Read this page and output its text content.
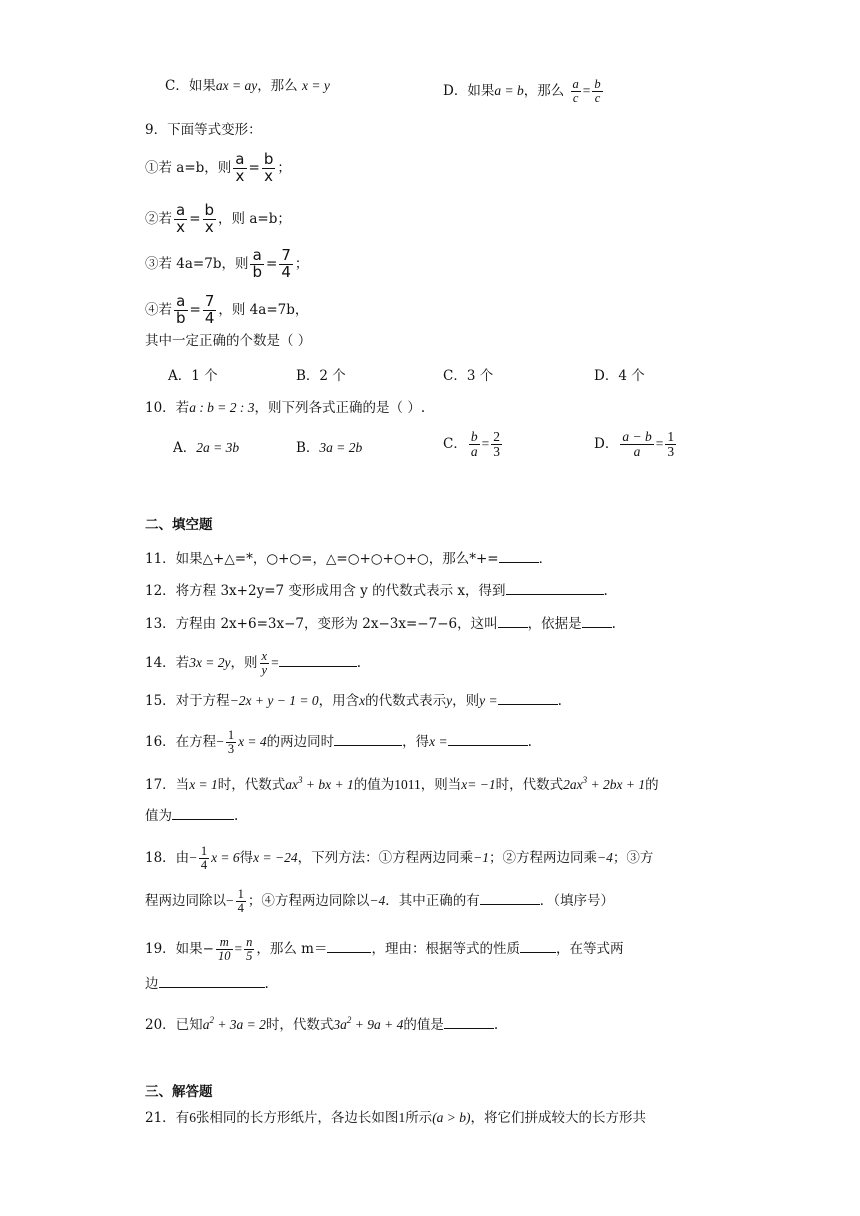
C．如果ax = ay，那么 x = y	D．如果a = b，那么 $\frac{a}{c} = \frac{b}{c}$
9．下面等式变形：
①若 a=b，则 $\frac{a}{x} = \frac{b}{x}$ ；
②若 $\frac{a}{x} = \frac{b}{x}$ ，则 a=b；
③若 4a=7b，则 $\frac{a}{b} = \frac{7}{4}$ ；
④若 $\frac{a}{b} = \frac{7}{4}$ ，则 4a=7b，
其中一定正确的个数是（ ）
A．1 个	B．2 个	C．3 个	D．4 个
10．若a : b = 2 : 3，则下列各式正确的是（ ）.
A．2a = 3b	B．3a = 2b	C． $\frac{b}{a} = \frac{2}{3}$	D． $\frac{a - b}{a} = \frac{1}{3}$
二、填空题
11．如果△+△=*，○+○=，△=○+○+○+○，那么*+=	．
12．将方程 3x+2y=7 变形成用含 y 的代数式表示 x，得到	.
13．方程由 2x+6=3x−7，变形为 2x−3x=−7−6，这叫 ，依据是 .
14．若3x = 2y，则 $\frac{x}{y}$ =	.
15．对于方程−2x + y − 1 = 0，用含x的代数式表示y，则y =	.
16．在方程− $\frac{1}{3}$ x = 4的两边同时	，得x =	.
17．当x = 1时，代数式$ax^3$ + bx + 1的值为1011，则当x= −1时，代数式$2ax^3 + 2bx + 1$的
值为	.
18．由− $\frac{1}{4}$ x = 6得x = −24，下列方法：①方程两边同乘−1；②方程两边同乘−4；③方
程两边同除以− $\frac{1}{4}$ ；④方程两边同除以−4．其中正确的有	．（填序号）
19．如果− $\frac{m}{10} = \frac{n}{5}$ ，那么 m＝	，理由：根据等式的性质	，在等式两
边	.
20．已知$a^2 + 3a = 2$时，代数式$3a^2 + 9a + 4$的值是	.
三、解答题
21．有6张相同的长方形纸片，各边长如图1所示(a > b)，将它们拼成较大的长方形共
